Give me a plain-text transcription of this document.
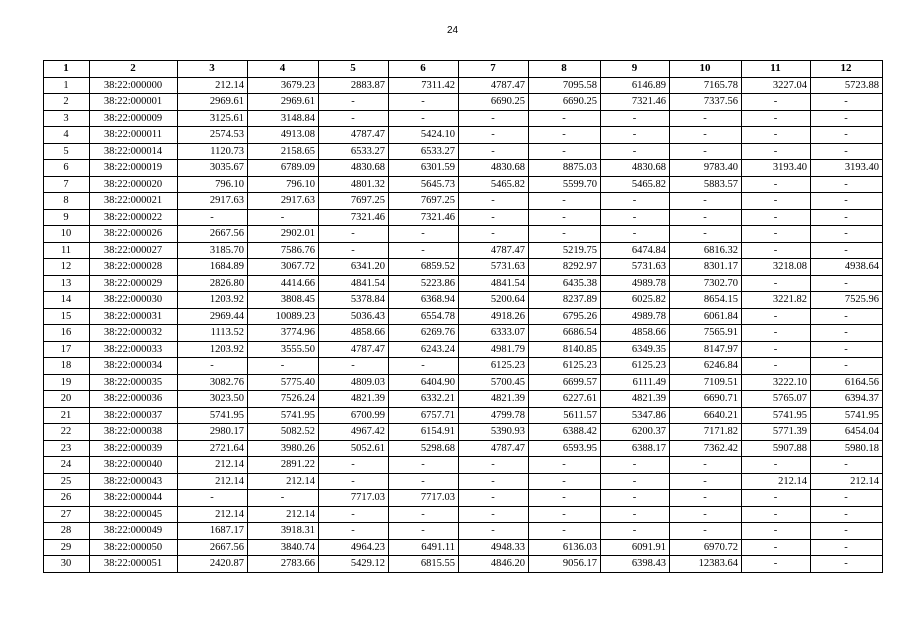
24
1	2	3	4	5	6	7	8	9	10	11	12
1	38:22:000000	212.14	3679.23	2883.87	7311.42	4787.47	7095.58	6146.89	7165.78	3227.04	5723.88
2	38:22:000001	2969.61	2969.61	-	-	6690.25	6690.25	7321.46	7337.56	-	-
3	38:22:000009	3125.61	3148.84	-	-	-	-	-	-	-	-
4	38:22:000011	2574.53	4913.08	4787.47	5424.10	-	-	-	-	-	-
5	38:22:000014	1120.73	2158.65	6533.27	6533.27	-	-	-	-	-	-
6	38:22:000019	3035.67	6789.09	4830.68	6301.59	4830.68	8875.03	4830.68	9783.40	3193.40	3193.40
7	38:22:000020	796.10	796.10	4801.32	5645.73	5465.82	5599.70	5465.82	5883.57	-	-
8	38:22:000021	2917.63	2917.63	7697.25	7697.25	-	-	-	-	-	-
9	38:22:000022	-	-	7321.46	7321.46	-	-	-	-	-	-
10	38:22:000026	2667.56	2902.01	-	-	-	-	-	-	-	-
11	38:22:000027	3185.70	7586.76	-	-	4787.47	5219.75	6474.84	6816.32	-	-
12	38:22:000028	1684.89	3067.72	6341.20	6859.52	5731.63	8292.97	5731.63	8301.17	3218.08	4938.64
13	38:22:000029	2826.80	4414.66	4841.54	5223.86	4841.54	6435.38	4989.78	7302.70	-	-
14	38:22:000030	1203.92	3808.45	5378.84	6368.94	5200.64	8237.89	6025.82	8654.15	3221.82	7525.96
15	38:22:000031	2969.44	10089.23	5036.43	6554.78	4918.26	6795.26	4989.78	6061.84	-	-
16	38:22:000032	1113.52	3774.96	4858.66	6269.76	6333.07	6686.54	4858.66	7565.91	-	-
17	38:22:000033	1203.92	3555.50	4787.47	6243.24	4981.79	8140.85	6349.35	8147.97	-	-
18	38:22:000034	-	-	-	-	6125.23	6125.23	6125.23	6246.84	-	-
19	38:22:000035	3082.76	5775.40	4809.03	6404.90	5700.45	6699.57	6111.49	7109.51	3222.10	6164.56
20	38:22:000036	3023.50	7526.24	4821.39	6332.21	4821.39	6227.61	4821.39	6690.71	5765.07	6394.37
21	38:22:000037	5741.95	5741.95	6700.99	6757.71	4799.78	5611.57	5347.86	6640.21	5741.95	5741.95
22	38:22:000038	2980.17	5082.52	4967.42	6154.91	5390.93	6388.42	6200.37	7171.82	5771.39	6454.04
23	38:22:000039	2721.64	3980.26	5052.61	5298.68	4787.47	6593.95	6388.17	7362.42	5907.88	5980.18
24	38:22:000040	212.14	2891.22	-	-	-	-	-	-	-	-
25	38:22:000043	212.14	212.14	-	-	-	-	-	-	212.14	212.14
26	38:22:000044	-	-	7717.03	7717.03	-	-	-	-	-	-
27	38:22:000045	212.14	212.14	-	-	-	-	-	-	-	-
28	38:22:000049	1687.17	3918.31	-	-	-	-	-	-	-	-
29	38:22:000050	2667.56	3840.74	4964.23	6491.11	4948.33	6136.03	6091.91	6970.72	-	-
30	38:22:000051	2420.87	2783.66	5429.12	6815.55	4846.20	9056.17	6398.43	12383.64	-	-
